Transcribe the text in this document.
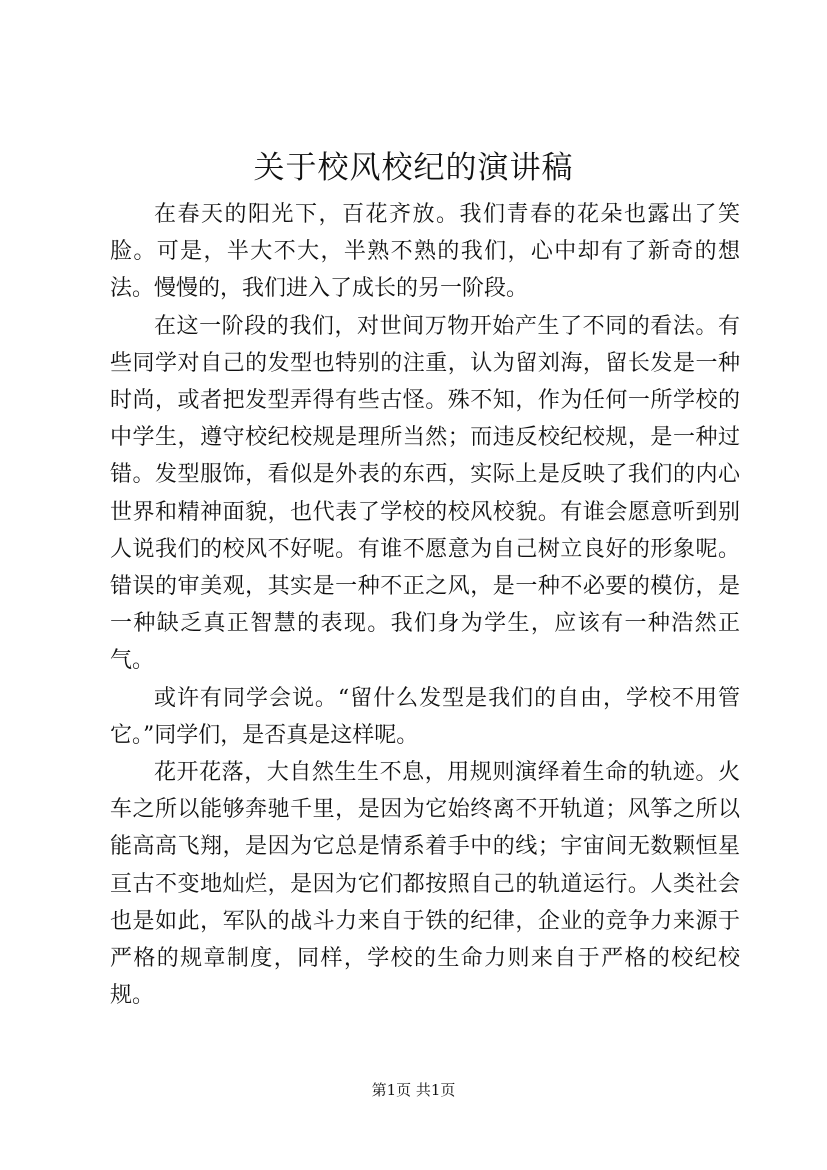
关于校风校纪的演讲稿

在春天的阳光下，百花齐放。我们青春的花朵也露出了笑脸。可是，半大不大，半熟不熟的我们，心中却有了新奇的想法。慢慢的，我们进入了成长的另一阶段。

在这一阶段的我们，对世间万物开始产生了不同的看法。有些同学对自己的发型也特别的注重，认为留刘海，留长发是一种时尚，或者把发型弄得有些古怪。殊不知，作为任何一所学校的中学生，遵守校纪校规是理所当然；而违反校纪校规，是一种过错。发型服饰，看似是外表的东西，实际上是反映了我们的内心世界和精神面貌，也代表了学校的校风校貌。有谁会愿意听到别人说我们的校风不好呢。有谁不愿意为自己树立良好的形象呢。错误的审美观，其实是一种不正之风，是一种不必要的模仿，是一种缺乏真正智慧的表现。我们身为学生，应该有一种浩然正气。

或许有同学会说。“留什么发型是我们的自由，学校不用管它。”同学们，是否真是这样呢。

花开花落，大自然生生不息，用规则演绎着生命的轨迹。火车之所以能够奔驰千里，是因为它始终离不开轨道；风筝之所以能高高飞翔，是因为它总是情系着手中的线；宇宙间无数颗恒星亘古不变地灿烂，是因为它们都按照自己的轨道运行。人类社会也是如此，军队的战斗力来自于铁的纪律，企业的竞争力来源于严格的规章制度，同样，学校的生命力则来自于严格的校纪校规。

第1页 共1页
